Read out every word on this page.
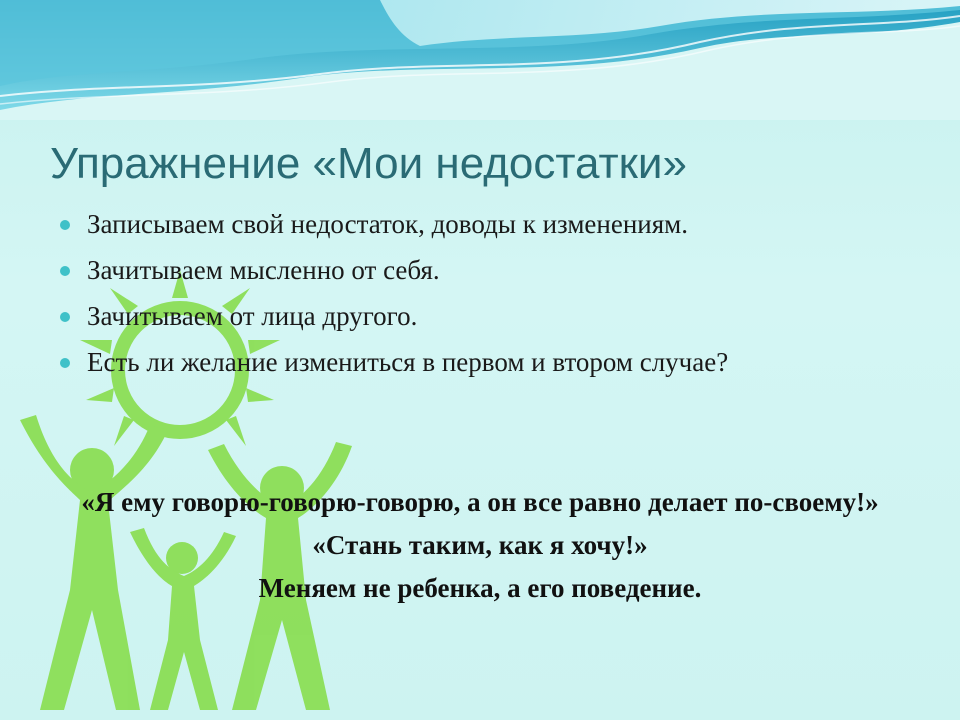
Упражнение «Мои недостатки»
Записываем свой недостаток, доводы к изменениям.
Зачитываем мысленно от себя.
Зачитываем от лица другого.
Есть ли желание измениться в первом и втором случае?

«Я ему говорю-говорю-говорю, а он все равно делает по-своему!»

«Стань таким, как я хочу!»

Меняем не ребенка, а его поведение.
